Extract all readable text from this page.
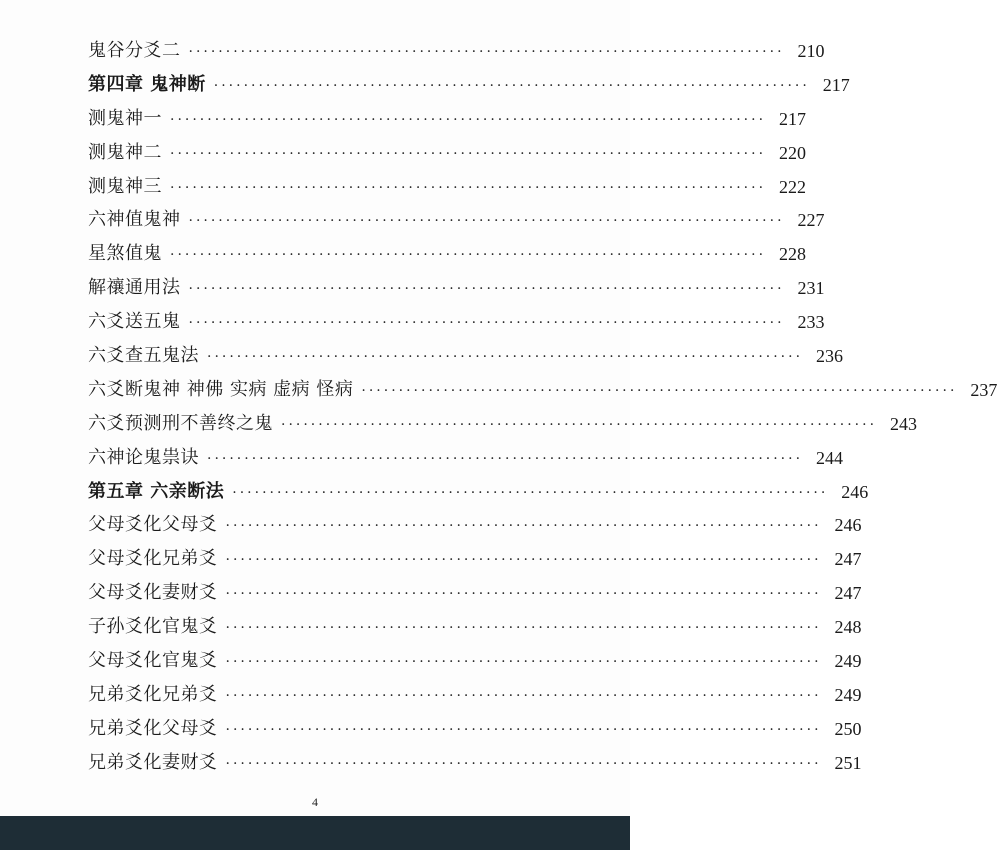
鬼谷分爻二 ················································································ 210
第四章 鬼神断 ················································································ 217
测鬼神一 ················································································ 217
测鬼神二 ················································································ 220
测鬼神三 ················································································ 222
六神值鬼神 ················································································ 227
星煞值鬼 ················································································ 228
解禳通用法 ················································································ 231
六爻送五鬼 ················································································ 233
六爻查五鬼法 ················································································ 236
六爻断鬼神 神佛 实病 虚病 怪病 ················································································ 237
六爻预测刑不善终之鬼 ················································································ 243
六神论鬼祟诀 ················································································ 244
第五章 六亲断法 ················································································ 246
父母爻化父母爻 ················································································ 246
父母爻化兄弟爻 ················································································ 247
父母爻化妻财爻 ················································································ 247
子孙爻化官鬼爻 ················································································ 248
父母爻化官鬼爻 ················································································ 249
兄弟爻化兄弟爻 ················································································ 249
兄弟爻化父母爻 ················································································ 250
兄弟爻化妻财爻 ················································································ 251
4
